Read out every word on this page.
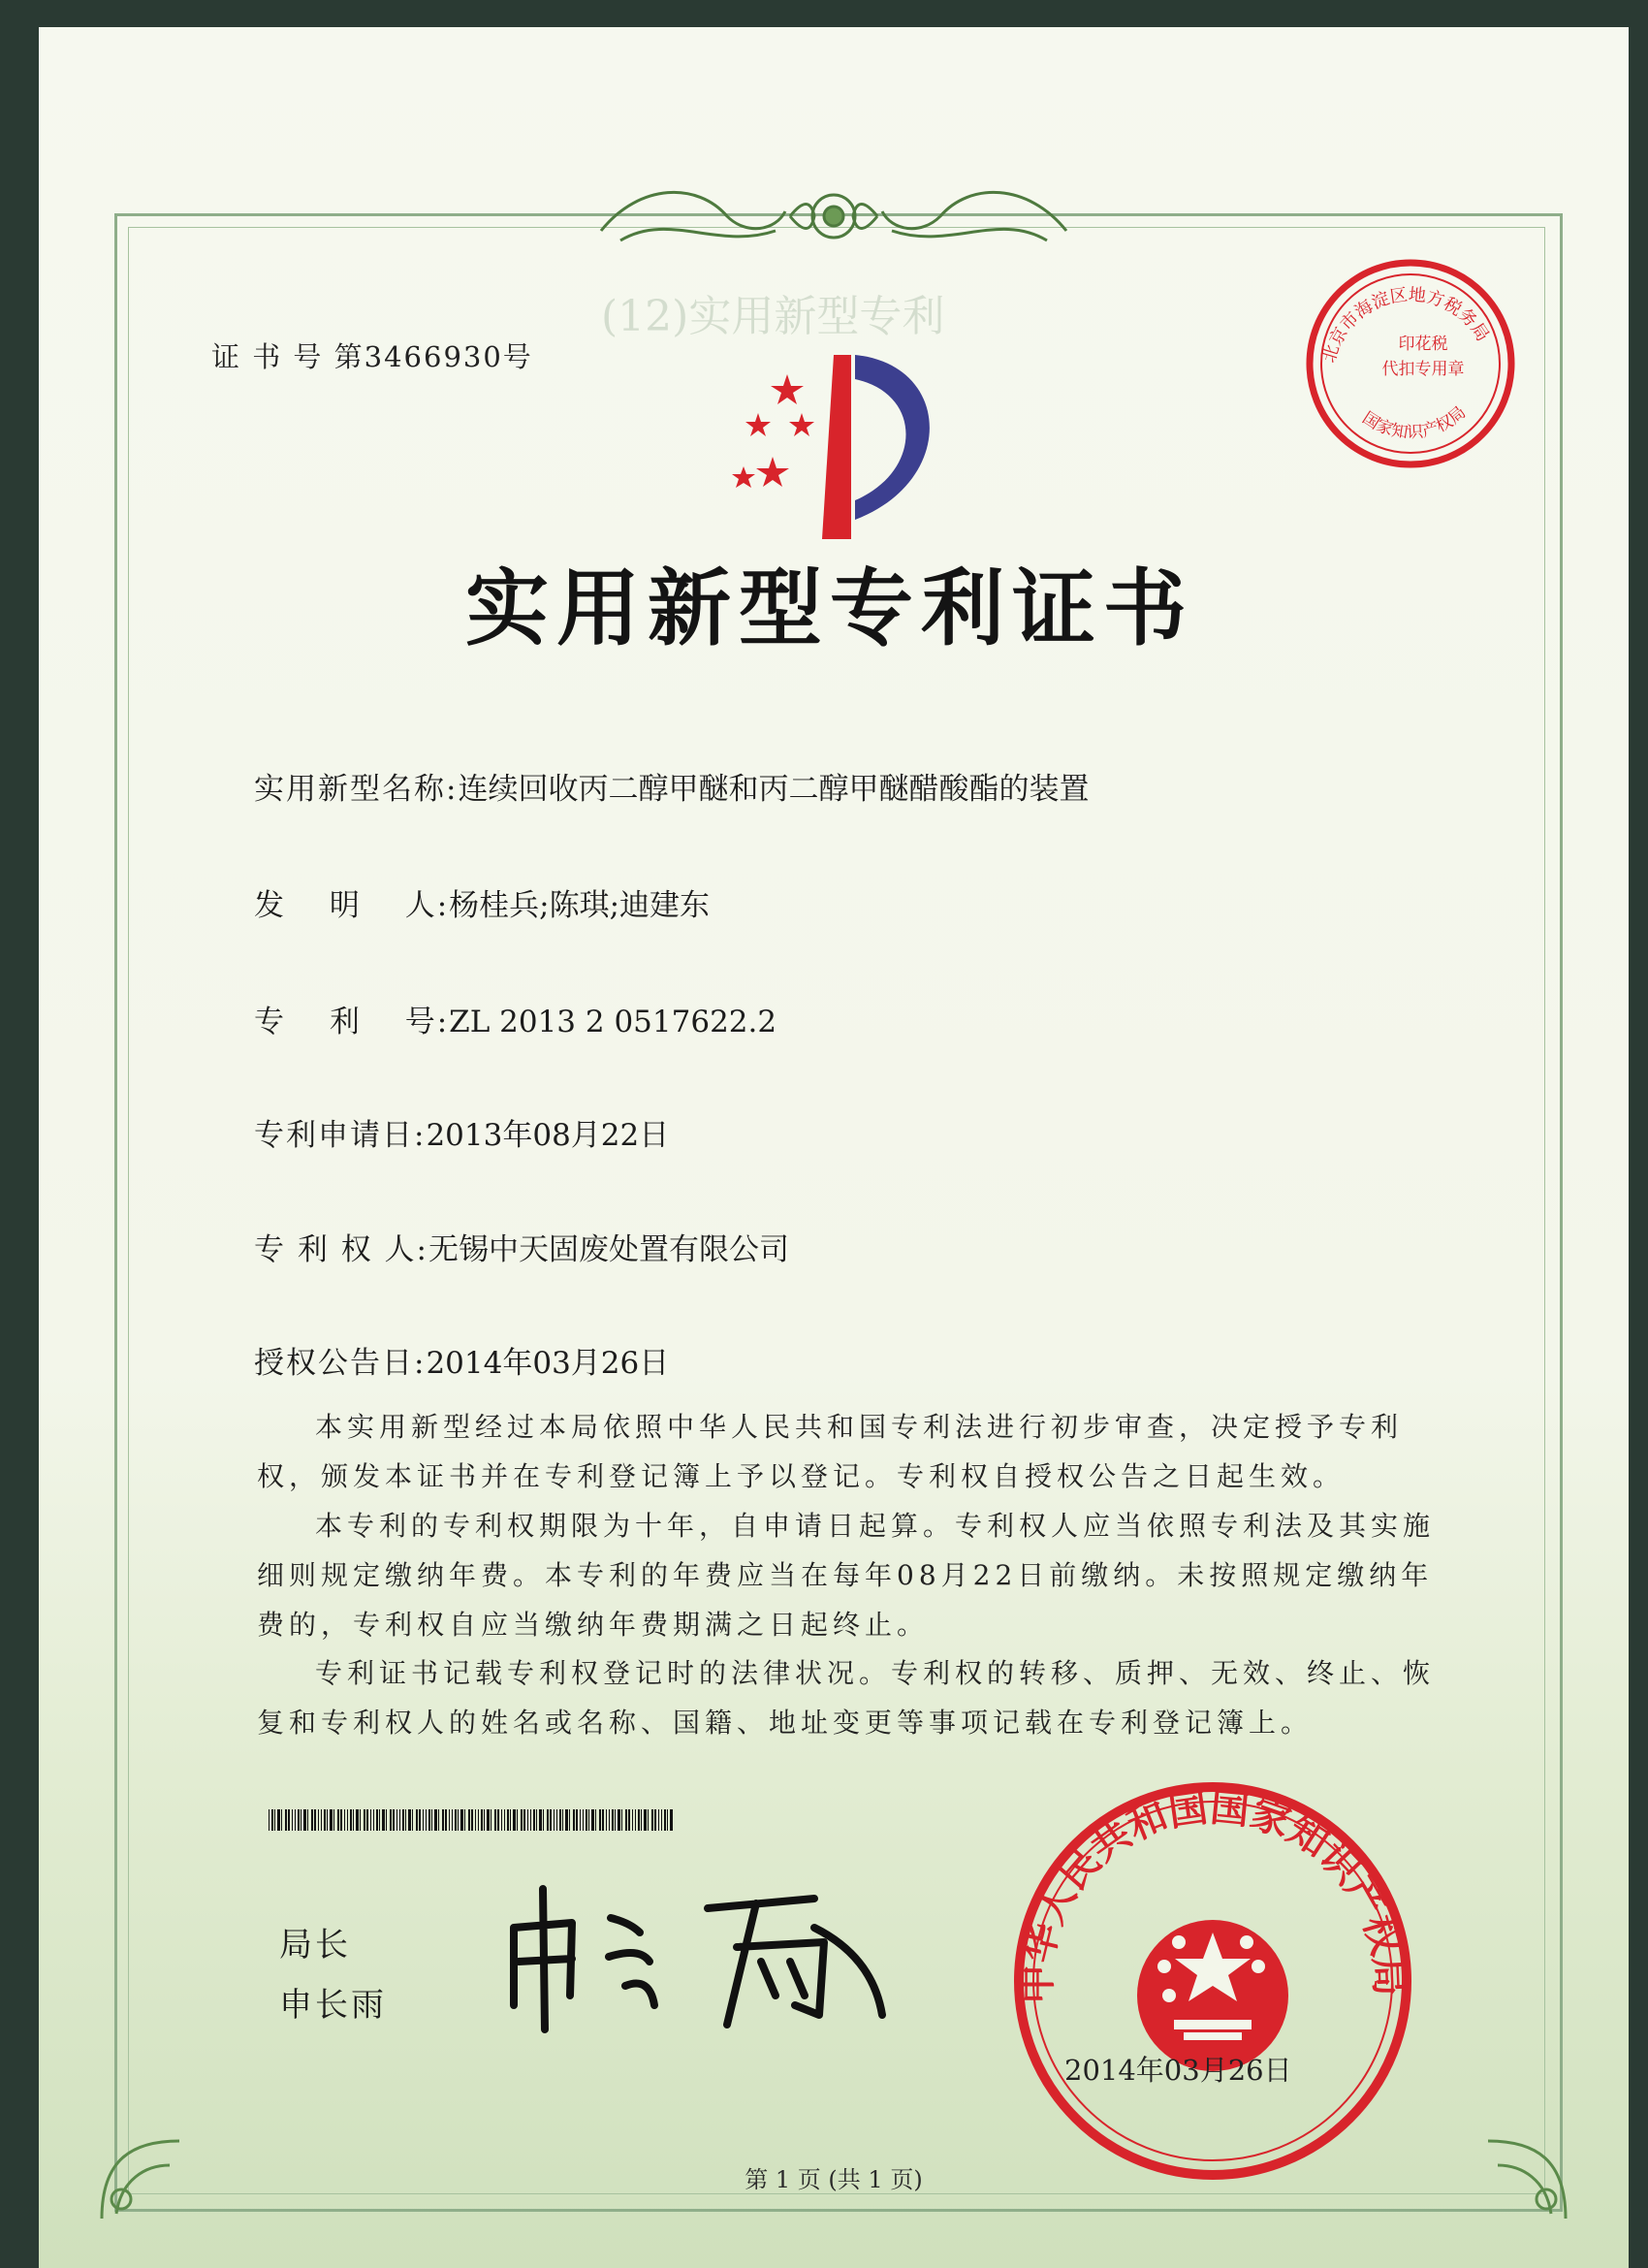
(12)实用新型专利
证 书 号 第3466930号	北京市海淀区地方税务局
国家知识产权局
印花税
代扣专用章
实用新型专利证书
实用新型名称:连续回收丙二醇甲醚和丙二醇甲醚醋酸酯的装置
发　 明　 人:杨桂兵;陈琪;迪建东
专　 利　 号:ZL 2013 2 0517622.2
专利申请日:2013年08月22日
专 利 权 人:无锡中天固废处置有限公司
授权公告日:2014年03月26日
本实用新型经过本局依照中华人民共和国专利法进行初步审查，决定授予专利权，颁发本证书并在专利登记簿上予以登记。专利权自授权公告之日起生效。
本专利的专利权期限为十年，自申请日起算。专利权人应当依照专利法及其实施细则规定缴纳年费。本专利的年费应当在每年08月22日前缴纳。未按照规定缴纳年费的，专利权自应当缴纳年费期满之日起终止。
专利证书记载专利权登记时的法律状况。专利权的转移、质押、无效、终止、恢复和专利权人的姓名或名称、国籍、地址变更等事项记载在专利登记簿上。
局长
申长雨
中华人民共和国国家知识产权局
2014年03月26日
第 1 页 (共 1 页)
